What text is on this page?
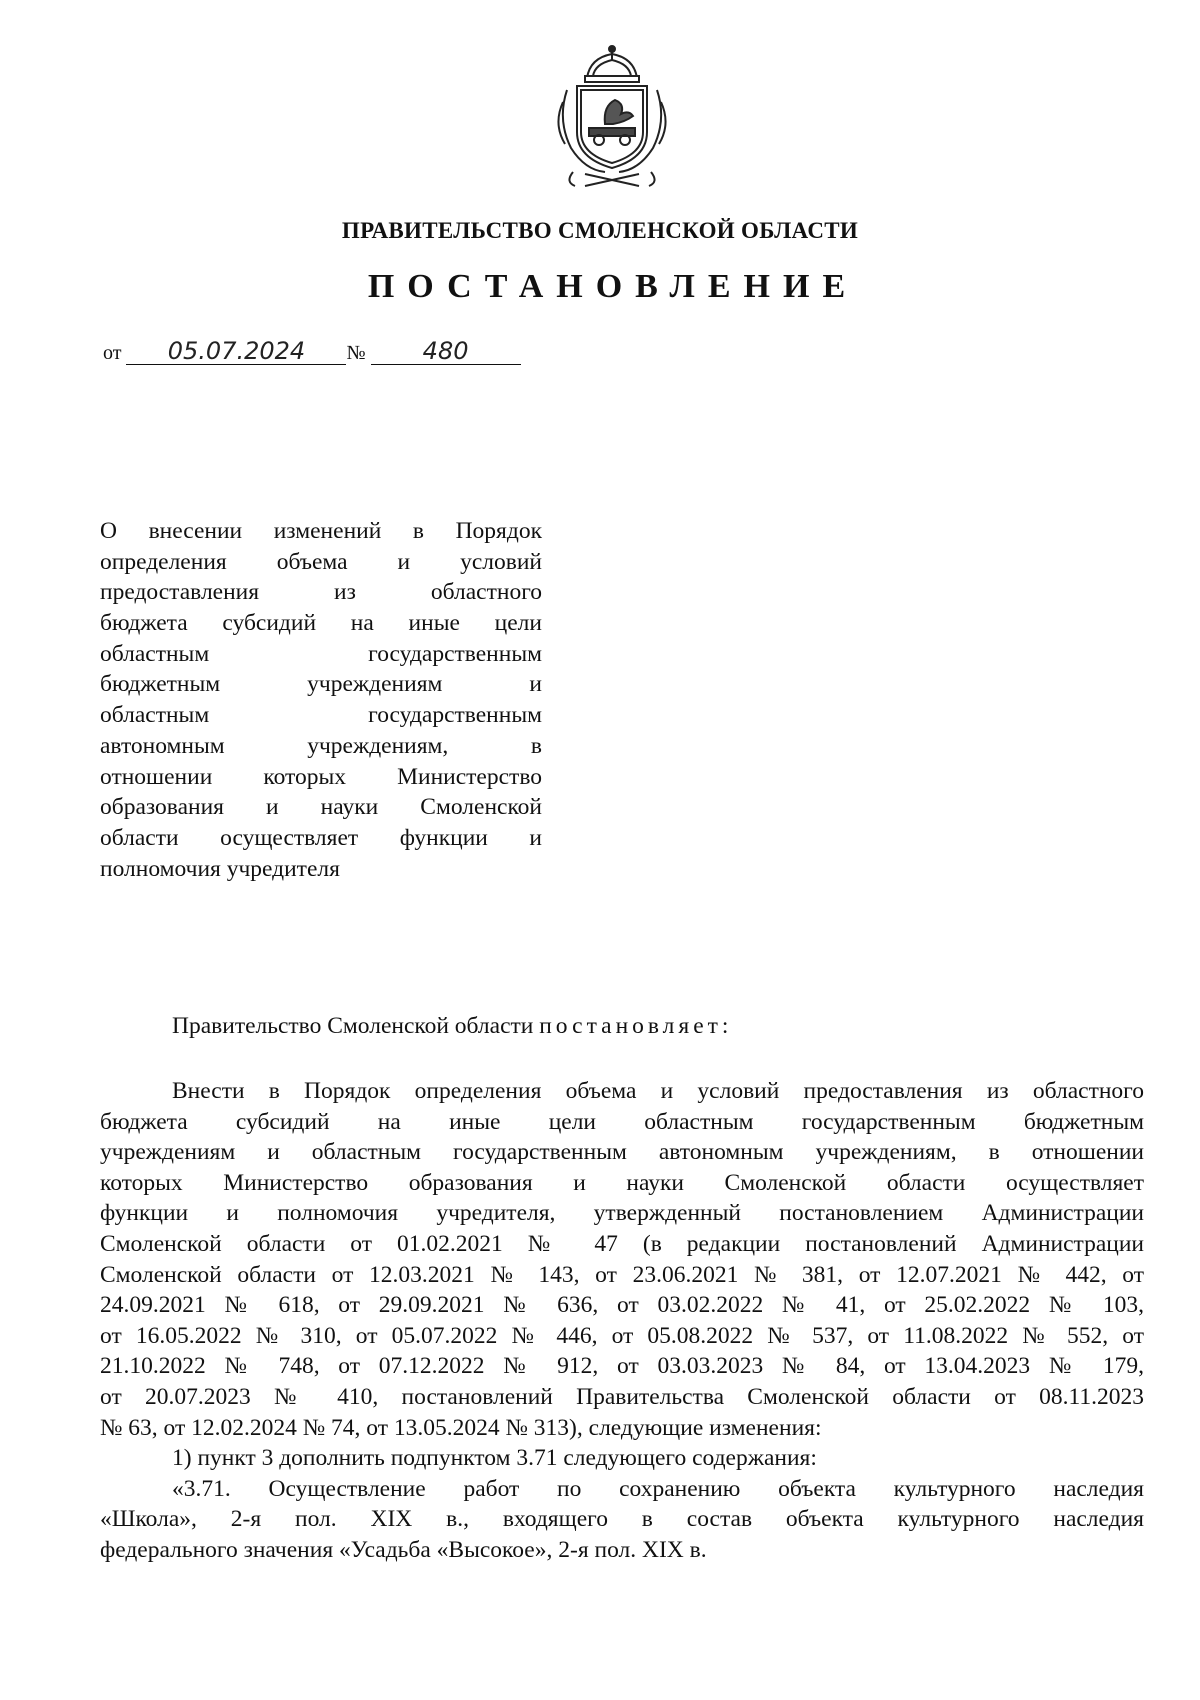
ПРАВИТЕЛЬСТВО СМОЛЕНСКОЙ ОБЛАСТИ
ПОСТАНОВЛЕНИЕ
от 05.07.2024 № 480
О внесении изменений в Порядок
определения объема и условий
предоставления из областного
бюджета субсидий на иные цели
областным государственным
бюджетным учреждениям и
областным государственным
автономным учреждениям, в
отношении которых Министерство
образования и науки Смоленской
области осуществляет функции и
полномочия учредителя
Правительство Смоленской области постановляет:
Внести в Порядок определения объема и условий предоставления из областного
бюджета субсидий на иные цели областным государственным бюджетным
учреждениям и областным государственным автономным учреждениям, в отношении
которых Министерство образования и науки Смоленской области осуществляет
функции и полномочия учредителя, утвержденный постановлением Администрации
Смоленской области от 01.02.2021 № 47 (в редакции постановлений Администрации
Смоленской области от 12.03.2021 № 143, от 23.06.2021 № 381, от 12.07.2021 № 442, от
24.09.2021 № 618, от 29.09.2021 № 636, от 03.02.2022 № 41, от 25.02.2022 № 103,
от 16.05.2022 № 310, от 05.07.2022 № 446, от 05.08.2022 № 537, от 11.08.2022 № 552, от
21.10.2022 № 748, от 07.12.2022 № 912, от 03.03.2023 № 84, от 13.04.2023 № 179,
от 20.07.2023 № 410, постановлений Правительства Смоленской области от 08.11.2023
№ 63, от 12.02.2024 № 74, от 13.05.2024 № 313), следующие изменения:
1) пункт 3 дополнить подпунктом 3.71 следующего содержания:
«3.71. Осуществление работ по сохранению объекта культурного наследия
«Школа», 2-я пол. XIX в., входящего в состав объекта культурного наследия
федерального значения «Усадьба «Высокое», 2-я пол. XIX в.
